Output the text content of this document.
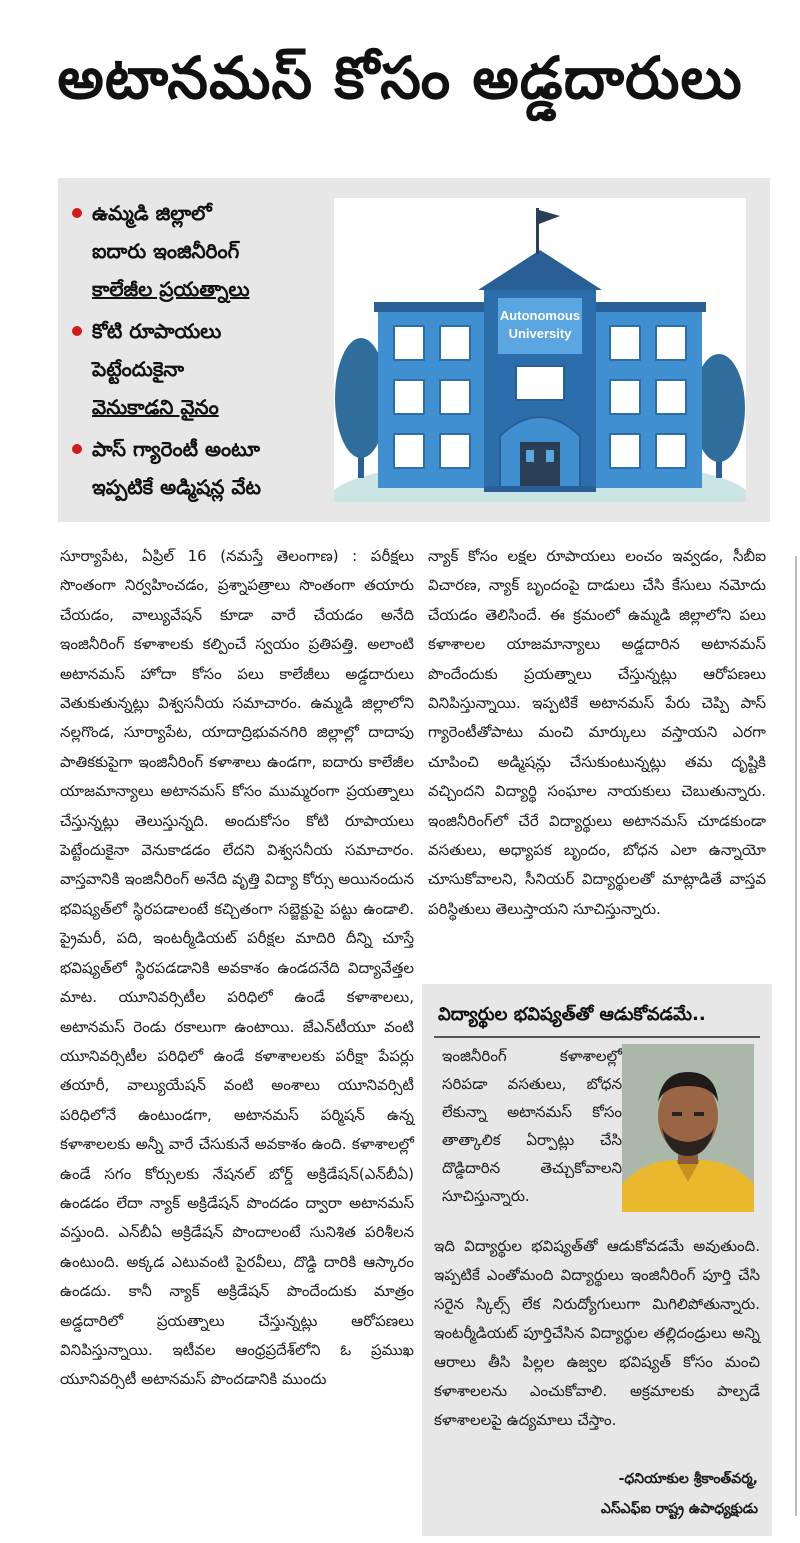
అటానమస్‌ కోసం అడ్డదారులు
ఉమ్మడి జిల్లాలో
ఐదారు ఇంజినీరింగ్‌
కాలేజీల ప్రయత్నాలు
కోటి రూపాయలు
పెట్టేందుకైనా
వెనుకాడని వైనం
పాస్‌ గ్యారెంటీ అంటూ
ఇప్పటికే అడ్మిషన్ల వేట
Autonomous
University

సూర్యాపేట, ఏప్రిల్‌ 16 (నమస్తే తెలంగాణ) : పరీక్షలు సొంతంగా నిర్వహించడం, ప్రశ్నాపత్రాలు సొంతంగా తయారు చేయడం, వాల్యువేషన్‌ కూడా వారే చేయడం అనేది ఇంజినీరింగ్‌ కళాశాలకు కల్పించే స్వయం ప్రతిపత్తి. అలాంటి అటానమస్‌ హోదా కోసం పలు కాలేజీలు అడ్డదారులు వెతుకుతున్నట్లు విశ్వసనీయ సమాచారం. ఉమ్మడి జిల్లాలోని నల్లగొండ, సూర్యాపేట, యాదాద్రిభువనగిరి జిల్లాల్లో దాదాపు పాతికకుపైగా ఇంజినీరింగ్‌ కళాశాలు ఉండగా, ఐదారు కాలేజీల యాజమాన్యాలు అటానమస్‌ కోసం ముమ్మరంగా ప్రయత్నాలు చేస్తున్నట్లు తెలుస్తున్నది. అందుకోసం కోటి రూపాయలు పెట్టేందుకైనా వెనుకాడడం లేదని విశ్వసనీయ సమాచారం. వాస్తవానికి ఇంజినీరింగ్‌ అనేది వృత్తి విద్యా కోర్సు అయినందున భవిష్యత్‌లో స్థిరపడాలంటే కచ్చితంగా సబ్జెక్టుపై పట్టు ఉండాలి. ప్రైమరీ, పది, ఇంటర్మీడియట్‌ పరీక్షల మాదిరి దీన్ని చూస్తే భవిష్యత్‌లో స్థిరపడడానికి అవకాశం ఉండదనేది విద్యావేత్తల మాట. యూనివర్సిటీల పరిధిలో ఉండే కళాశాలలు, అటానమస్‌ రెండు రకాలుగా ఉంటాయి. జేఎన్‌టీయూ వంటి యూనివర్సిటీల పరిధిలో ఉండే కళాశాలలకు పరీక్షా పేపర్లు తయారీ, వాల్యుయేషన్‌ వంటి అంశాలు యూనివర్సిటీ పరిధిలోనే ఉంటుండగా, అటానమస్‌ పర్మిషన్‌ ఉన్న కళాశాలలకు అన్నీ వారే చేసుకునే అవకాశం ఉంది. కళాశాలల్లో ఉండే సగం కోర్సులకు నేషనల్‌ బోర్డ్‌ అక్రిడేషన్‌(ఎన్‌బీఏ) ఉండడం లేదా న్యాక్‌ అక్రిడేషన్‌ పొందడం ద్వారా అటానమస్‌ వస్తుంది. ఎన్‌బీఏ అక్రిడేషన్‌ పొందాలంటే సునిశిత పరిశీలన ఉంటుంది. అక్కడ ఎటువంటి పైరవీలు, దొడ్డి దారికి ఆస్కారం ఉండదు. కానీ న్యాక్‌ అక్రిడేషన్‌ పొందేందుకు మాత్రం అడ్డదారిలో ప్రయత్నాలు చేస్తున్నట్లు ఆరోపణలు వినిపిస్తున్నాయి. ఇటీవల ఆంధ్రప్రదేశ్‌లోని ఓ ప్రముఖ యూనివర్సిటీ అటానమస్‌ పొందడానికి ముందు

న్యాక్‌ కోసం లక్షల రూపాయలు లంచం ఇవ్వడం, సీబీఐ విచారణ, న్యాక్‌ బృందంపై దాడులు చేసి కేసులు నమోదు చేయడం తెలిసిందే. ఈ క్రమంలో ఉమ్మడి జిల్లాలోని పలు కళాశాలల యాజమాన్యాలు అడ్డదారిన అటానమస్‌ పొందేందుకు ప్రయత్నాలు చేస్తున్నట్లు ఆరోపణలు వినిపిస్తున్నాయి. ఇప్పటికే అటానమస్‌ పేరు చెప్పి పాస్‌ గ్యారెంటీతోపాటు మంచి మార్కులు వస్తాయని ఎరగా చూపించి అడ్మిషన్లు చేసుకుంటున్నట్లు తమ దృష్టికి వచ్చిందని విద్యార్థి సంఘాల నాయకులు చెబుతున్నారు. ఇంజినీరింగ్‌లో చేరే విద్యార్థులు అటానమస్‌ చూడకుండా వసతులు, అధ్యాపక బృందం, బోధన ఎలా ఉన్నాయో చూసుకోవాలని, సీనియర్‌ విద్యార్థులతో మాట్లాడితే వాస్తవ పరిస్థితులు తెలుస్తాయని సూచిస్తున్నారు.

విద్యార్థుల భవిష్యత్‌తో ఆడుకోవడమే..
ఇంజినీరింగ్‌ కళాశాలల్లో సరిపడా వసతులు, బోధన లేకున్నా అటానమస్‌ కోసం తాత్కాలిక ఏర్పాట్లు చేసి దొడ్డిదారిన తెచ్చుకోవాలని సూచిస్తున్నారు.
ఇది విద్యార్థుల భవిష్యత్‌తో ఆడుకోవడమే అవుతుంది. ఇప్పటికే ఎంతోమంది విద్యార్థులు ఇంజినీరింగ్‌ పూర్తి చేసి సరైన స్కిల్స్‌ లేక నిరుద్యోగులుగా మిగిలిపోతున్నారు. ఇంటర్మీడియట్‌ పూర్తిచేసిన విద్యార్థుల తల్లిదండ్రులు అన్ని ఆరాలు తీసి పిల్లల ఉజ్వల భవిష్యత్‌ కోసం మంచి కళాశాలలను ఎంచుకోవాలి. అక్రమాలకు పాల్పడే కళాశాలలపై ఉద్యమాలు చేస్తాం.
-ధనియాకుల శ్రీకాంత్‌వర్మ,
ఎస్‌ఎఫ్‌ఐ రాష్ట్ర ఉపాధ్యక్షుడు
